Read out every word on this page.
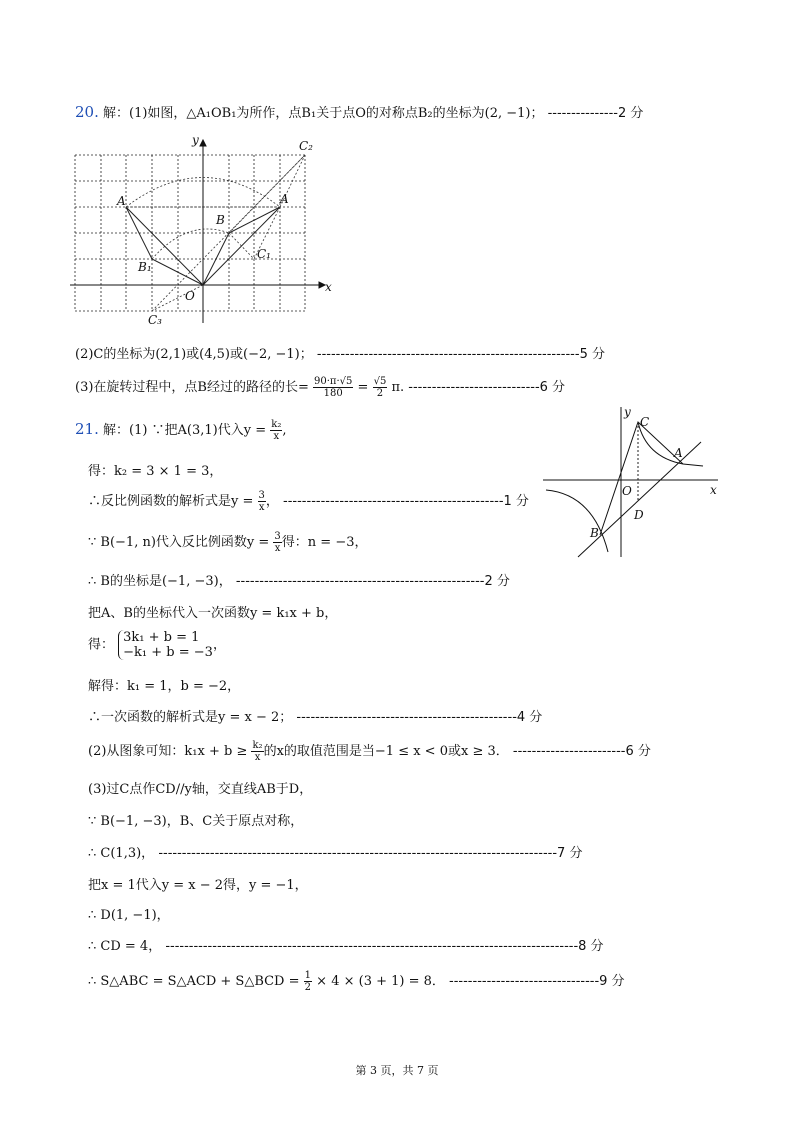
20. 解：(1)如图，△A₁OB₁为所作，点B₁关于点O的对称点B₂的坐标为(2, −1)； ---------------2 分
y
x
O
A	A
B
B₁
C₁
C₂
C₃
(2)C的坐标为(2,1)或(4,5)或(−2, −1)； --------------------------------------------------------5 分
(3)在旋转过程中，点B经过的路径的长= $\frac{90\cdot\pi\cdot√5}{180} = \frac{√5}{2} \pi$. ----------------------------6 分
y
x
O
A
B
C
D
21. 解：(1) ∵把A(3,1)代入$y = \frac{\text{k₂}}{x}$ ,
得：k₂ = 3 × 1 = 3，
∴反比例函数的解析式是$y = \frac{3}{x}$ ， -----------------------------------------------1 分
∵ B(−1, n)代入反比例函数$y = \frac{3}{x}$ 得：n = −3，
∴ B的坐标是(−1, −3)， -----------------------------------------------------2 分
把A、B的坐标代入一次函数y = k₁x + b，
得： 3k₁ + b = 1
−k₁ + b = −3 ，
解得：k₁ = 1，b = −2，
∴一次函数的解析式是y = x − 2； -----------------------------------------------4 分
(2)从图象可知：$k_1x + b \ge \frac{\text{k₂}}{x}$ 的x的取值范围是当−1 ≤ x < 0或x ≥ 3． ------------------------6 分
(3)过C点作CD//y轴，交直线AB于D，
∵ B(−1, −3)，B、C关于原点对称，
∴ C(1,3)， -------------------------------------------------------------------------------------7 分
把x = 1代入y = x − 2得，y = −1，
∴ D(1, −1)，
∴ CD = 4， ----------------------------------------------------------------------------------------8 分
∴ S△ABC = S△ACD + S△BCD = $\frac{1}{2} \times 4 \times (3 + 1) = 8$． --------------------------------9 分
第 3 页，共 7 页
